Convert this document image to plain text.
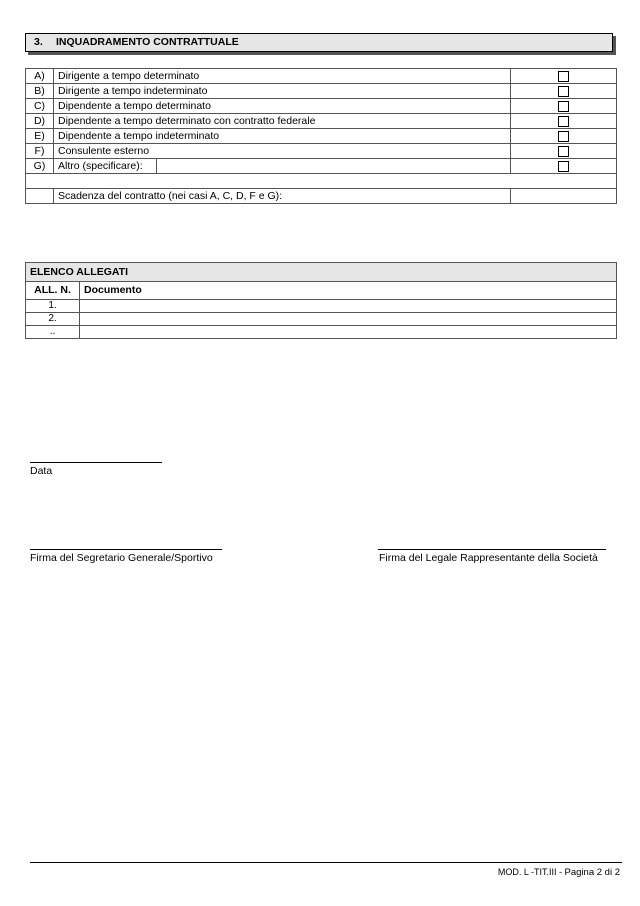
3. INQUADRAMENTO CONTRATTUALE
A)	Dirigente a tempo determinato		
B)	Dirigente a tempo indeterminato		
C)	Dipendente a tempo determinato		
D)	Dipendente a tempo determinato con contratto federale		
E)	Dipendente a tempo indeterminato		
F)	Consulente esterno		
G)	Altro (specificare):		

	Scadenza del contratto (nei casi A, C, D, F e G):		
ELENCO ALLEGATI	
ALL. N.	Documento
1.	
2.	
..	
Data
Firma del Segretario Generale/Sportivo	Firma del Legale Rappresentante della Società
MOD. L -TIT.III - Pagina 2 di 2
